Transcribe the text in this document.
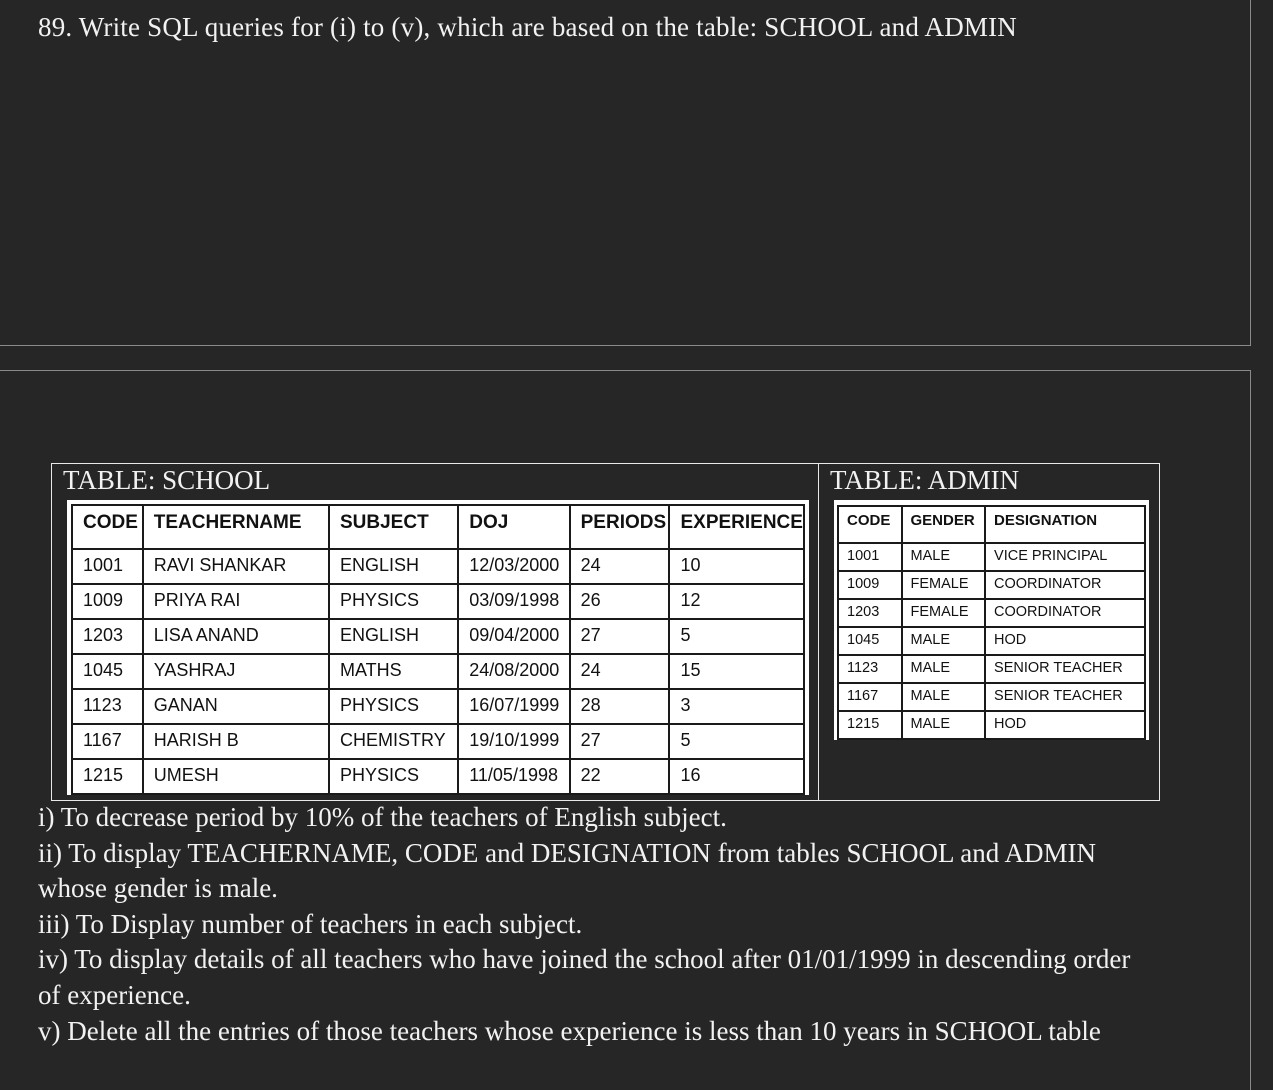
89. Write SQL queries for (i) to (v), which are based on the table: SCHOOL and ADMIN
TABLE: SCHOOL	TABLE: ADMIN
CODE	TEACHERNAME	SUBJECT	DOJ	PERIODS	EXPERIENCE
1001	RAVI SHANKAR	ENGLISH	12/03/2000	24	10
1009	PRIYA RAI	PHYSICS	03/09/1998	26	12
1203	LISA ANAND	ENGLISH	09/04/2000	27	5
1045	YASHRAJ	MATHS	24/08/2000	24	15
1123	GANAN	PHYSICS	16/07/1999	28	3
1167	HARISH B	CHEMISTRY	19/10/1999	27	5
1215	UMESH	PHYSICS	11/05/1998	22	16
CODE	GENDER	DESIGNATION
1001	MALE	VICE PRINCIPAL
1009	FEMALE	COORDINATOR
1203	FEMALE	COORDINATOR
1045	MALE	HOD
1123	MALE	SENIOR TEACHER
1167	MALE	SENIOR TEACHER
1215	MALE	HOD

i) To decrease period by 10% of the teachers of English subject.

ii) To display TEACHERNAME, CODE and DESIGNATION from tables SCHOOL and ADMIN whose gender is male.

iii) To Display number of teachers in each subject.

iv) To display details of all teachers who have joined the school after 01/01/1999 in descending order of experience.

v) Delete all the entries of those teachers whose experience is less than 10 years in SCHOOL table
